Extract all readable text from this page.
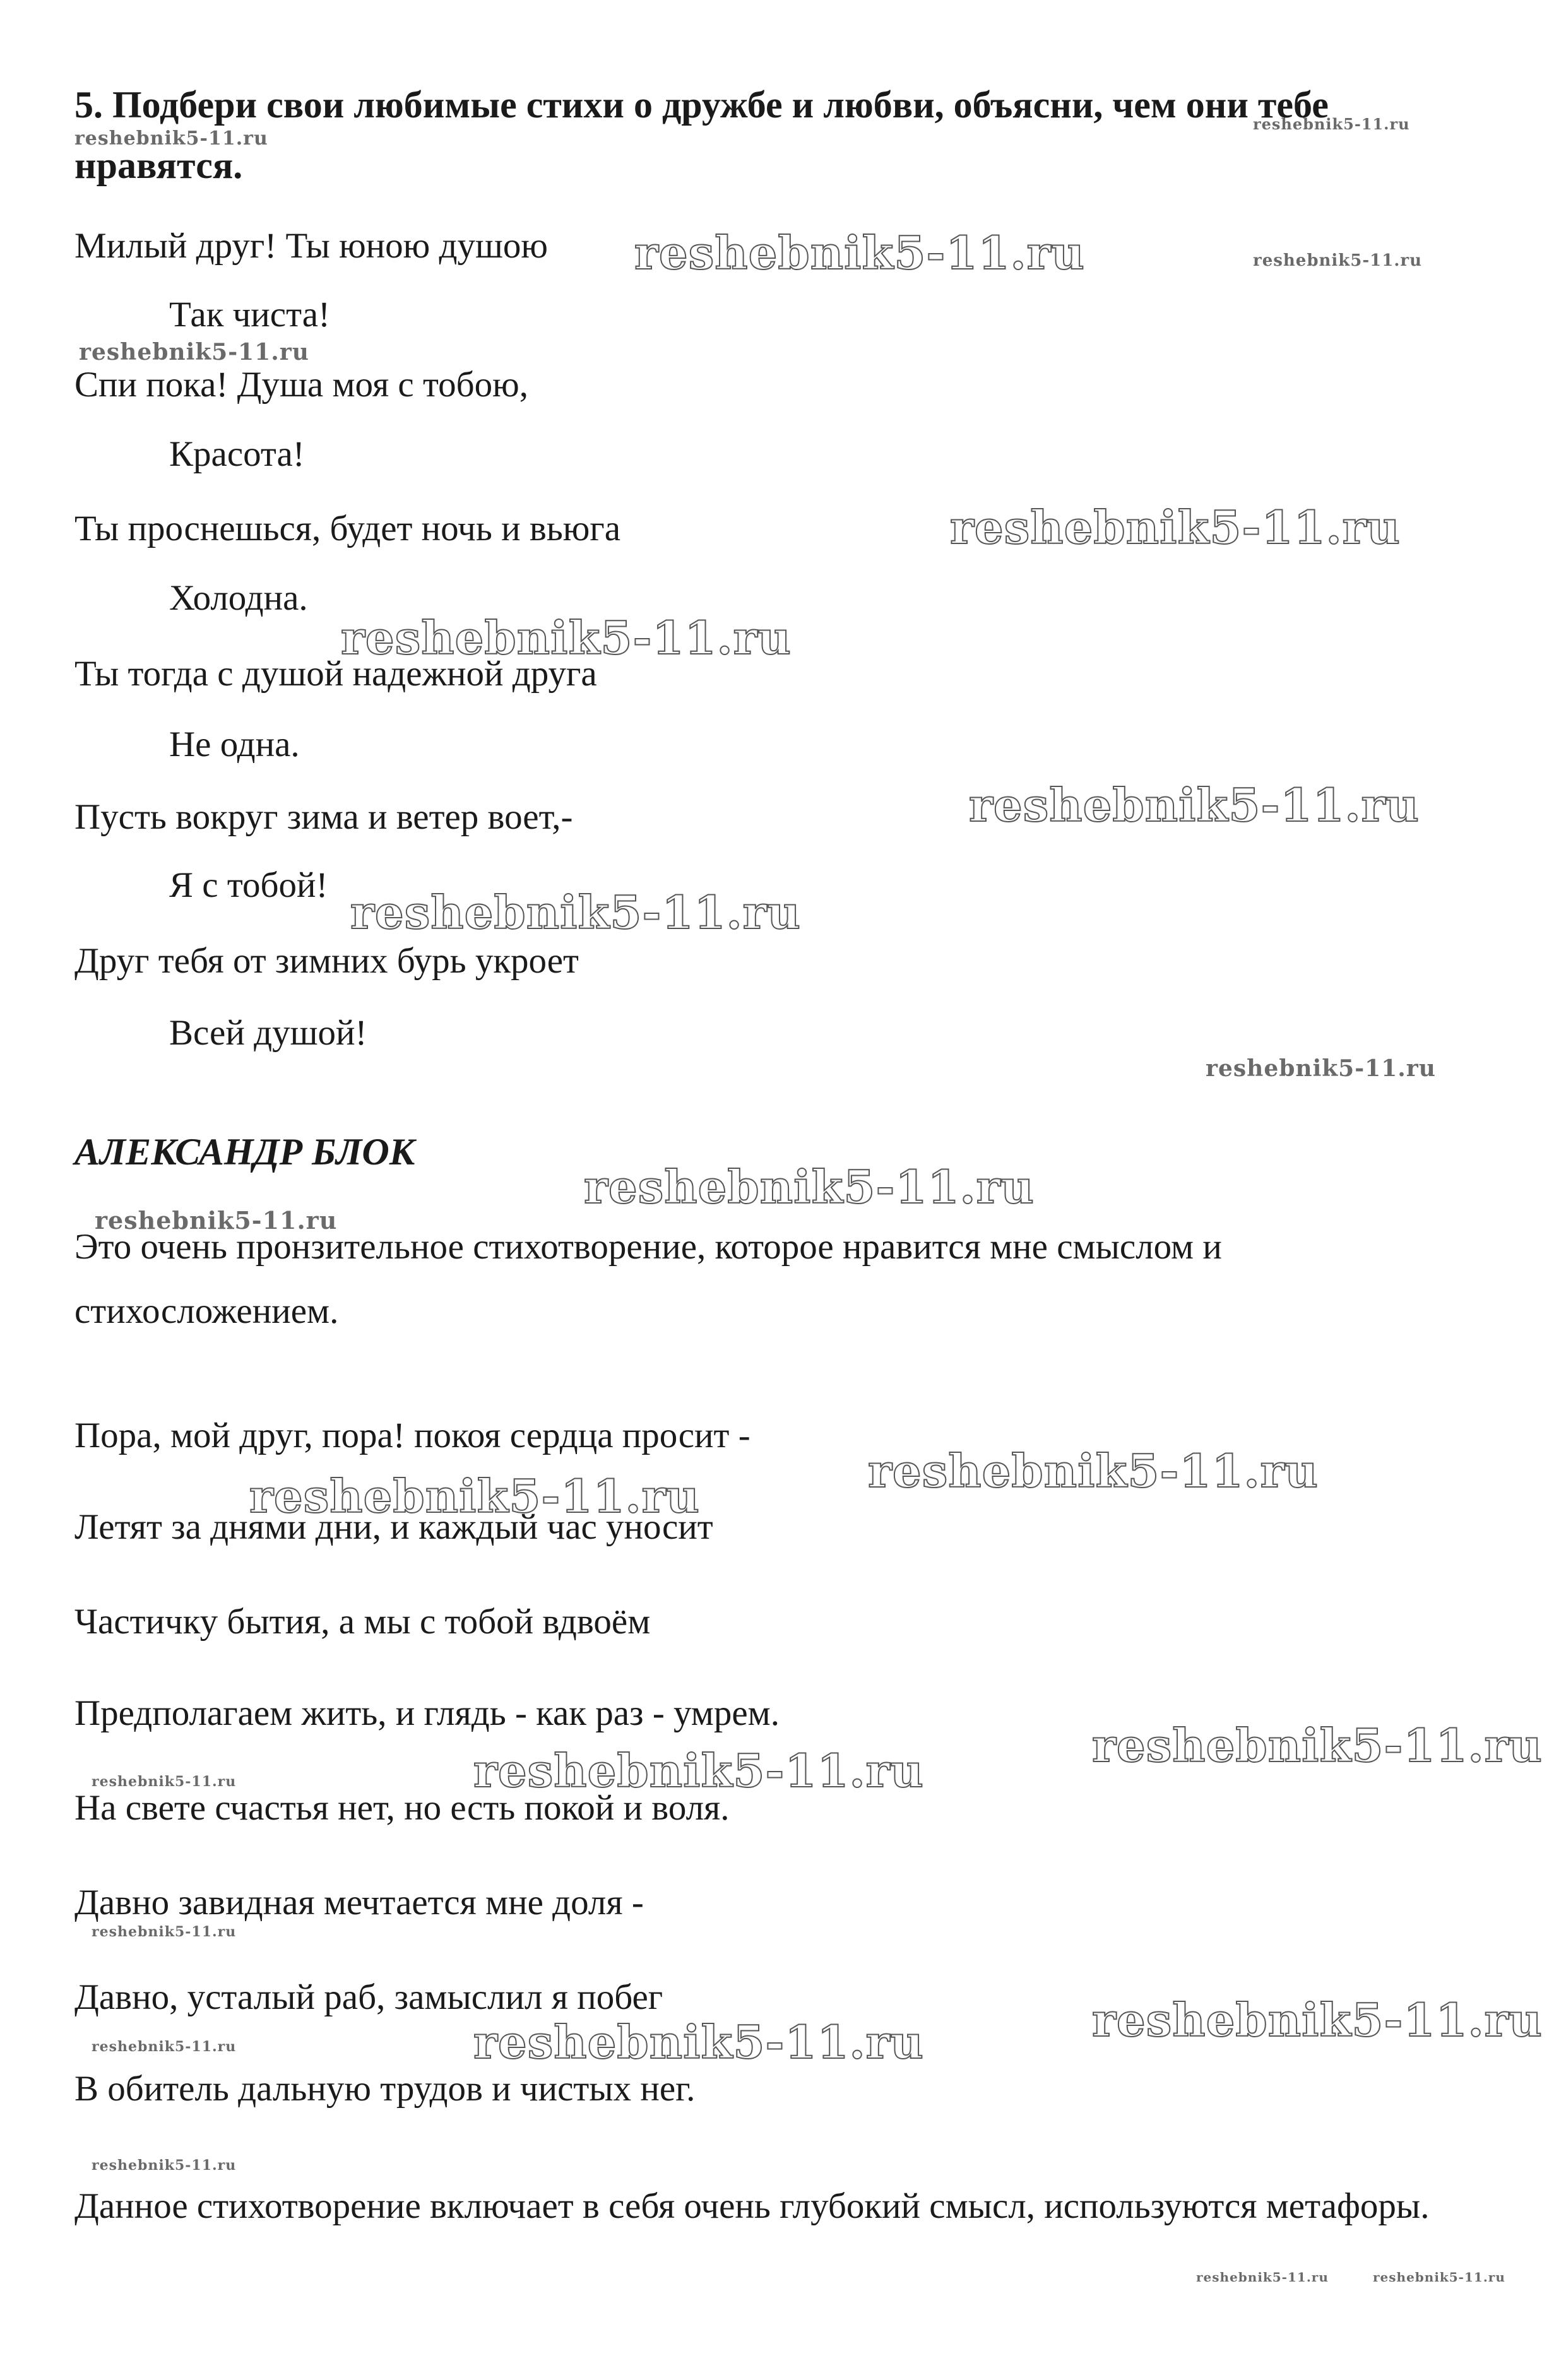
5. Подбери свои любимые стихи о дружбе и любви, объясни, чем они тебе нравятся.

Милый друг! Ты юною душою

Так чиста!

Спи пока! Душа моя с тобою,

Красота!

Ты проснешься, будет ночь и вьюга

Холодна.

Ты тогда с душой надежной друга

Не одна.

Пусть вокруг зима и ветер воет,-

Я с тобой!

Друг тебя от зимних бурь укроет

Всей душой!

АЛЕКСАНДР БЛОК

Это очень пронзительное стихотворение, которое нравится мне смыслом и стихосложением.

Пора, мой друг, пора! покоя сердца просит -

Летят за днями дни, и каждый час уносит

Частичку бытия, а мы с тобой вдвоём

Предполагаем жить, и глядь - как раз - умрем.

На свете счастья нет, но есть покой и воля.

Давно завидная мечтается мне доля -

Давно, усталый раб, замыслил я побег

В обитель дальную трудов и чистых нег.

Данное стихотворение включает в себя очень глубокий смысл, используются метафоры.

reshebnik5-11.ru
reshebnik5-11.ru
reshebnik5-11.ru	reshebnik5-11.ru
reshebnik5-11.ru
reshebnik5-11.ru
reshebnik5-11.ru
reshebnik5-11.ru
reshebnik5-11.ru
reshebnik5-11.ru
reshebnik5-11.ru
reshebnik5-11.ru
reshebnik5-11.ru
reshebnik5-11.ru
reshebnik5-11.ru
reshebnik5-11.ru
reshebnik5-11.ru
reshebnik5-11.ru
reshebnik5-11.ru
reshebnik5-11.ru
reshebnik5-11.ru
reshebnik5-11.ru
reshebnik5-11.ru	reshebnik5-11.ru
